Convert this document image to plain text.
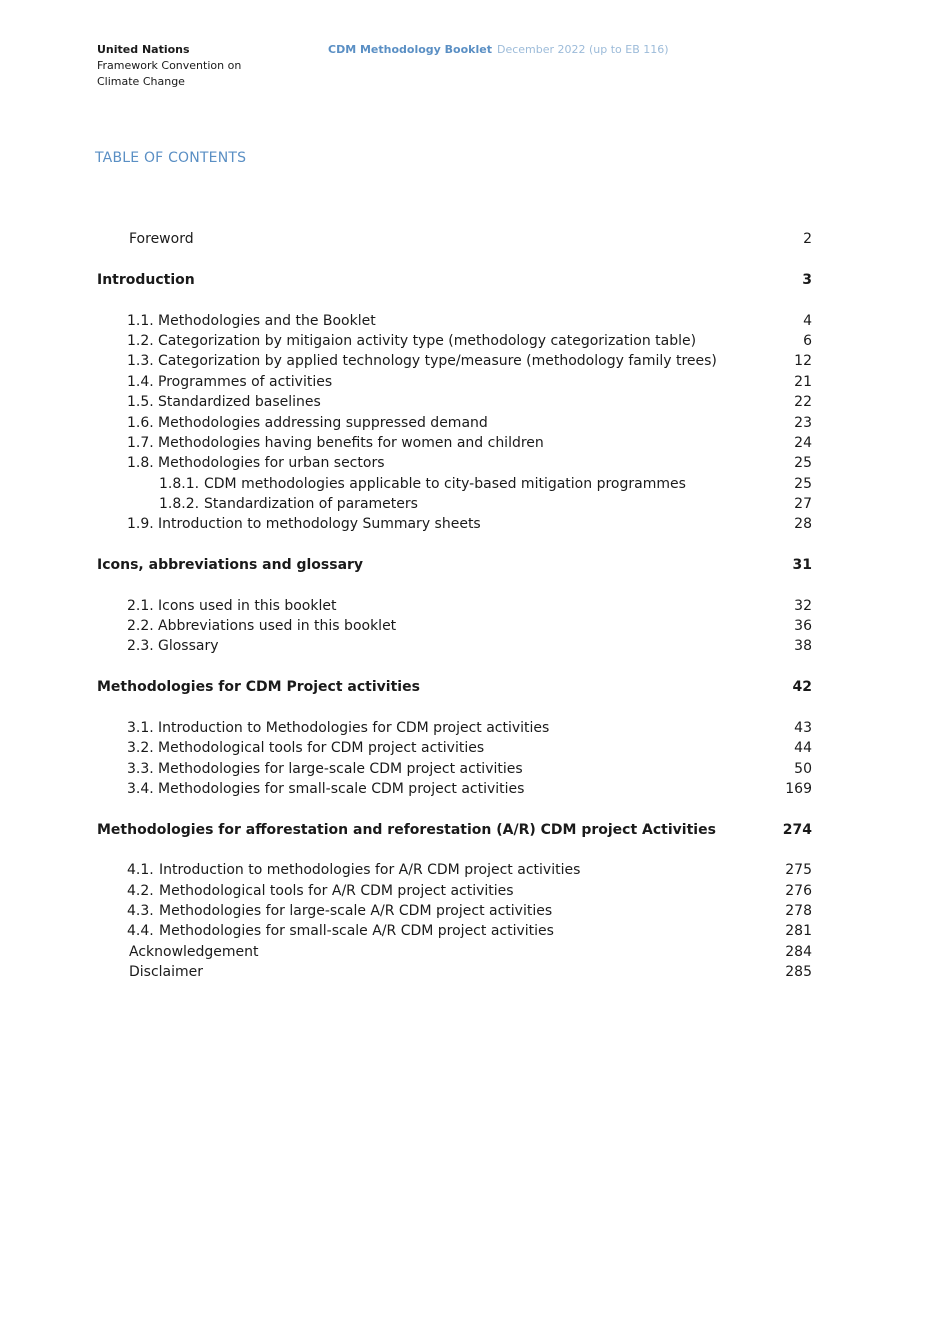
United Nations
Framework Convention on
Climate Change
CDM Methodology Booklet December 2022 (up to EB 116)
TABLE OF CONTENTS
Foreword	2
Introduction	3
1.1. Methodologies and the Booklet	4
1.2. Categorization by mitigaion activity type (methodology categorization table)	6
1.3. Categorization by applied technology type/measure (methodology family trees)	12
1.4. Programmes of activities	21
1.5. Standardized baselines	22
1.6. Methodologies addressing suppressed demand	23
1.7. Methodologies having benefits for women and children	24
1.8. Methodologies for urban sectors	25
1.8.1. CDM methodologies applicable to city-based mitigation programmes	25
1.8.2. Standardization of parameters	27
1.9. Introduction to methodology Summary sheets	28
Icons, abbreviations and glossary	31
2.1. Icons used in this booklet	32
2.2. Abbreviations used in this booklet	36
2.3. Glossary	38
Methodologies for CDM Project activities	42
3.1. Introduction to Methodologies for CDM project activities	43
3.2. Methodological tools for CDM project activities	44
3.3. Methodologies for large-scale CDM project activities	50
3.4. Methodologies for small-scale CDM project activities	169
Methodologies for afforestation and reforestation (A/R) CDM project Activities	274
4.1. Introduction to methodologies for A/R CDM project activities	275
4.2. Methodological tools for A/R CDM project activities	276
4.3. Methodologies for large-scale A/R CDM project activities	278
4.4. Methodologies for small-scale A/R CDM project activities	281
Acknowledgement	284
Disclaimer	285
